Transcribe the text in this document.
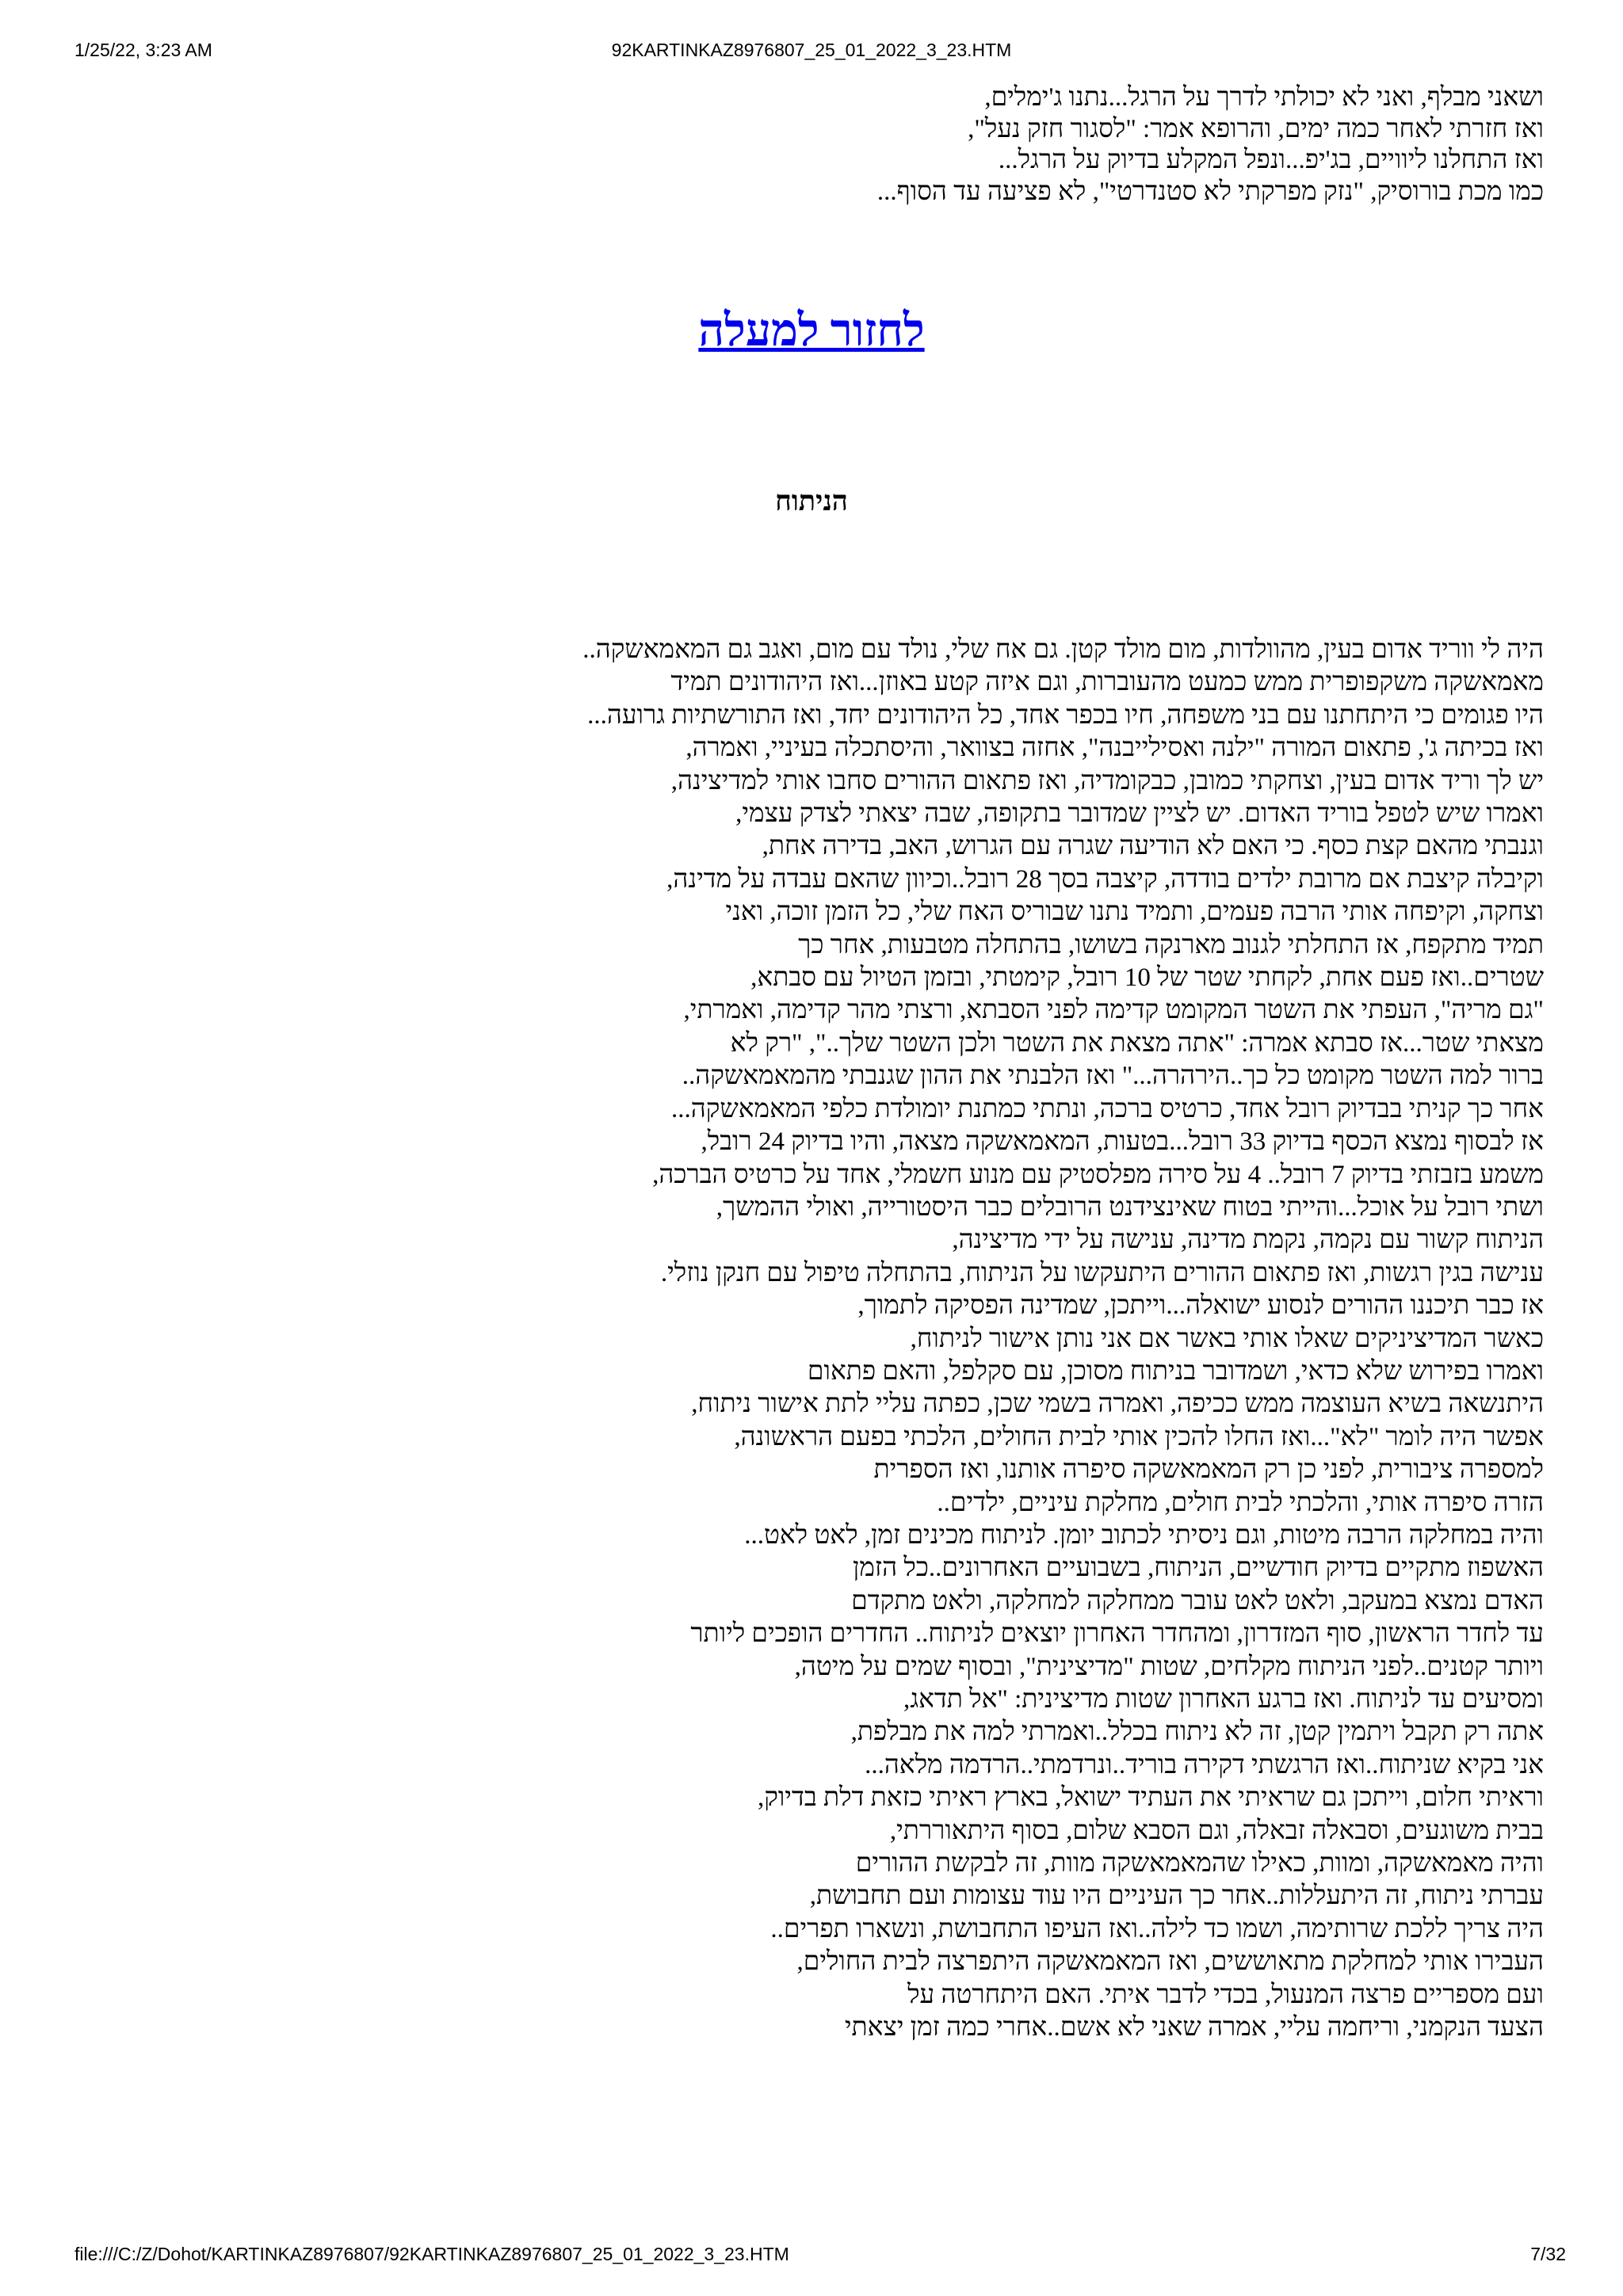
1/25/22, 3:23 AM	92KARTINKAZ8976807_25_01_2022_3_23.HTM
ושאני מבלף, ואני לא יכולתי לדרך על הרגל...נתנו ג'ימלים,
ואז חזרתי לאחר כמה ימים, והרופא אמר: "לסגור חזק נעל",
ואז התחלנו ליוויים, בג'יפ...ונפל המקלע בדיוק על הרגל...
כמו מכת בורוסיק, "נזק מפרקתי לא סטנדרטי", לא פציעה עד הסוף...
לחזור למעלה
הניתוח
היה לי ווריד אדום בעין, מהוולדות, מום מולד קטן. גם אח שלי, נולד עם מום, ואגב גם המאמאשקה..
מאמאשקה משקפופרית ממש כמעט מהעוברות, וגם איזה קטע באוזן...ואז היהודונים תמיד
היו פגומים כי היתחתנו עם בני משפחה, חיו בכפר אחד, כל היהודונים יחד, ואז התורשתיות גרועה...
ואז בכיתה ג', פתאום המורה "ילנה ואסילייבנה", אחזה בצוואר, והיסתכלה בעיניי, ואמרה,
יש לך וריד אדום בעין, וצחקתי כמובן, כבקומדיה, ואז פתאום ההורים סחבו אותי למדיצינה,
ואמרו שיש לטפל בוריד האדום. יש לציין שמדובר בתקופה, שבה יצאתי לצדק עצמי,
וגנבתי מהאם קצת כסף. כי האם לא הודיעה שגרה עם הגרוש, האב, בדירה אחת,
וקיבלה קיצבת אם מרובת ילדים בודדה, קיצבה בסך 28 רובל..וכיוון שהאם עבדה על מדינה,
וצחקה, וקיפחה אותי הרבה פעמים, ותמיד נתנו שבוריס האח שלי, כל הזמן זוכה, ואני
תמיד מתקפח, אז התחלתי לגנוב מארנקה בשושו, בהתחלה מטבעות, אחר כך
שטרים..ואז פעם אחת, לקחתי שטר של 10 רובל, קימטתי, ובזמן הטיול עם סבתא,
"גם מריה", העפתי את השטר המקומט קדימה לפני הסבתא, ורצתי מהר קדימה, ואמרתי,
מצאתי שטר...אז סבתא אמרה: "אתה מצאת את השטר ולכן השטר שלך..", "רק לא
ברור למה השטר מקומט כל כך..הירהרה..." ואז הלבנתי את ההון שגנבתי מהמאמאשקה..
אחר כך קניתי בבדיוק רובל אחד, כרטיס ברכה, ונתתי כמתנת יומולדת כלפי המאמאשקה...
אז לבסוף נמצא הכסף בדיוק 33 רובל...בטעות, המאמאשקה מצאה, והיו בדיוק 24 רובל,
משמע בזבזתי בדיוק 7 רובל.. 4 על סירה מפלסטיק עם מנוע חשמלי, אחד על כרטיס הברכה,
ושתי רובל על אוכל...והייתי בטוח שאינצידנט הרובלים כבר היסטורייה, ואולי ההמשך,
הניתוח קשור עם נקמה, נקמת מדינה, ענישה על ידי מדיצינה,
ענישה בגין רגשות, ואז פתאום ההורים היתעקשו על הניתוח, בהתחלה טיפול עם חנקן נוזלי.
אז כבר תיכננו ההורים לנסוע ישואלה...וייתכן, שמדינה הפסיקה לתמוך,
כאשר המדיציניקים שאלו אותי באשר אם אני נותן אישור לניתוח,
ואמרו בפירוש שלא כדאי, ושמדובר בניתוח מסוכן, עם סקלפל, והאם פתאום
היתנשאה בשיא העוצמה ממש ככיפה, ואמרה בשמי שכן, כפתה עליי לתת אישור ניתוח,
אפשר היה לומר "לא"...ואז החלו להכין אותי לבית החולים, הלכתי בפעם הראשונה,
למספרה ציבורית, לפני כן רק המאמאשקה סיפרה אותנו, ואז הספרית
הזרה סיפרה אותי, והלכתי לבית חולים, מחלקת עיניים, ילדים..
והיה במחלקה הרבה מיטות, וגם ניסיתי לכתוב יומן. לניתוח מכינים זמן, לאט לאט...
האשפוז מתקיים בדיוק חודשיים, הניתוח, בשבועיים האחרונים..כל הזמן
האדם נמצא במעקב, ולאט לאט עובר ממחלקה למחלקה, ולאט מתקדם
עד לחדר הראשון, סוף המזדרון, ומהחדר האחרון יוצאים לניתוח.. החדרים הופכים ליותר
ויותר קטנים..לפני הניתוח מקלחים, שטות "מדיצינית", ובסוף שמים על מיטה,
ומסיעים עד לניתוח. ואז ברגע האחרון שטות מדיצינית: "אל תדאג,
אתה רק תקבל ויתמין קטן, זה לא ניתוח בכלל..ואמרתי למה את מבלפת,
אני בקיא שניתוח..ואז הרגשתי דקירה בוריד..ונרדמתי..הרדמה מלאה...
וראיתי חלום, וייתכן גם שראיתי את העתיד ישואל, בארץ ראיתי כזאת דלת בדיוק,
בבית משוגעים, וסבאלה זבאלה, וגם הסבא שלום, בסוף היתאוררתי,
והיה מאמאשקה, ומוות, כאילו שהמאמאשקה מוות, זה לבקשת ההורים
עברתי ניתוח, זה היתעללות..אחר כך העיניים היו עוד עצומות ועם תחבושת,
היה צריך ללכת שרותימה, ושמו כד לילה..ואז העיפו התחבושת, ונשארו תפרים..
העבירו אותי למחלקת מתאוששים, ואז המאמאשקה היתפרצה לבית החולים,
ועם מספריים פרצה המנעול, בכדי לדבר איתי. האם היתחרטה על
הצעד הנקמני, וריחמה עליי, אמרה שאני לא אשם..אחרי כמה זמן יצאתי
file:///C:/Z/Dohot/KARTINKAZ8976807/92KARTINKAZ8976807_25_01_2022_3_23.HTM	7/32
